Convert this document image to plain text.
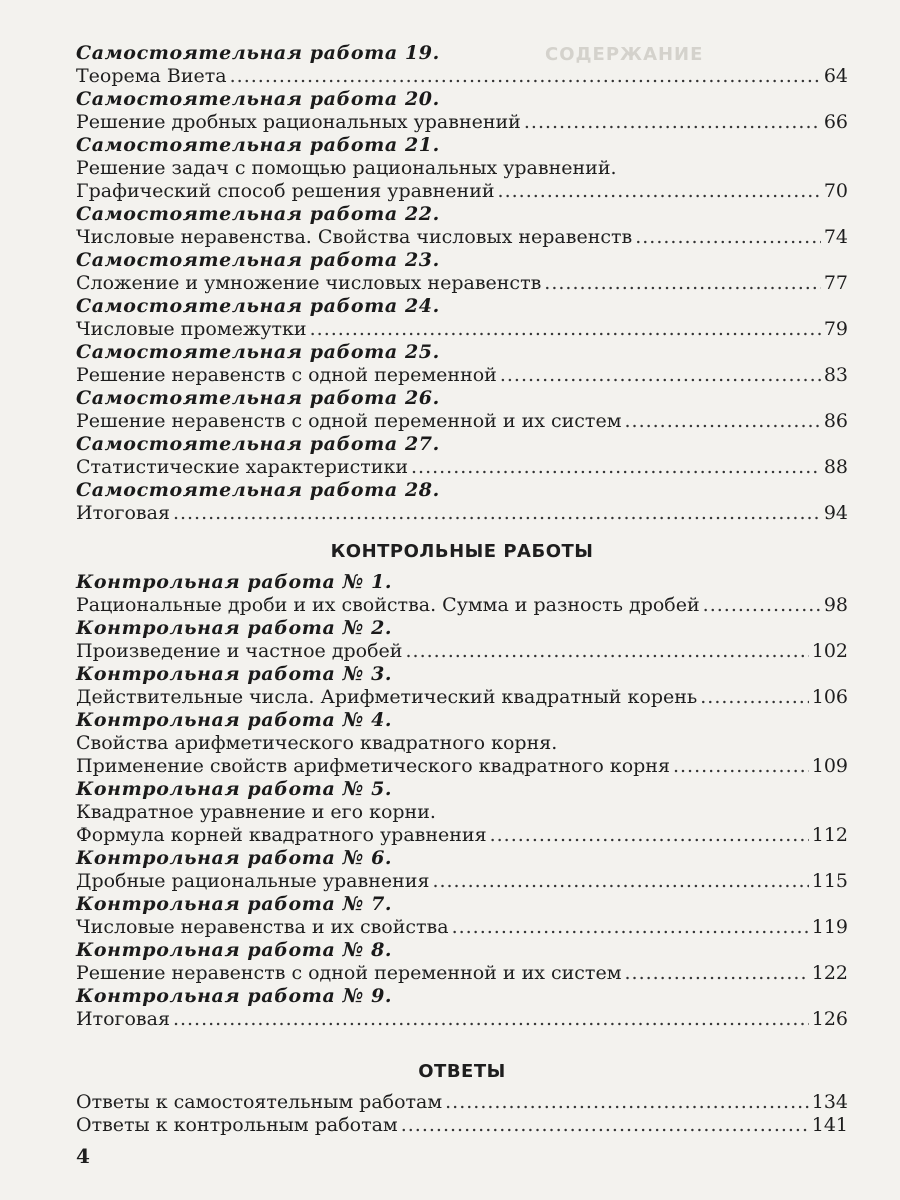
СОДЕРЖАНИЕ
Самостоятельная работа 19.
Теорема Виета .....	64
Самостоятельная работа 20.
Решение дробных рациональных уравнений .....	66
Самостоятельная работа 21.
Решение задач с помощью рациональных уравнений.
Графический способ решения уравнений .....	70
Самостоятельная работа 22.
Числовые неравенства. Свойства числовых неравенств .....	74
Самостоятельная работа 23.
Сложение и умножение числовых неравенств .....	77
Самостоятельная работа 24.
Числовые промежутки .....	79
Самостоятельная работа 25.
Решение неравенств с одной переменной .....	83
Самостоятельная работа 26.
Решение неравенств с одной переменной и их систем .....	86
Самостоятельная работа 27.
Статистические характеристики .....	88
Самостоятельная работа 28.
Итоговая .....	94
КОНТРОЛЬНЫЕ РАБОТЫ
Контрольная работа № 1.
Рациональные дроби и их свойства. Сумма и разность дробей .....	98
Контрольная работа № 2.
Произведение и частное дробей .....	102
Контрольная работа № 3.
Действительные числа. Арифметический квадратный корень .....	106
Контрольная работа № 4.
Свойства арифметического квадратного корня.
Применение свойств арифметического квадратного корня .....	109
Контрольная работа № 5.
Квадратное уравнение и его корни.
Формула корней квадратного уравнения .....	112
Контрольная работа № 6.
Дробные рациональные уравнения .....	115
Контрольная работа № 7.
Числовые неравенства и их свойства .....	119
Контрольная работа № 8.
Решение неравенств с одной переменной и их систем .....	122
Контрольная работа № 9.
Итоговая .....	126
ОТВЕТЫ
Ответы к самостоятельным работам .....	134
Ответы к контрольным работам .....	141
4
